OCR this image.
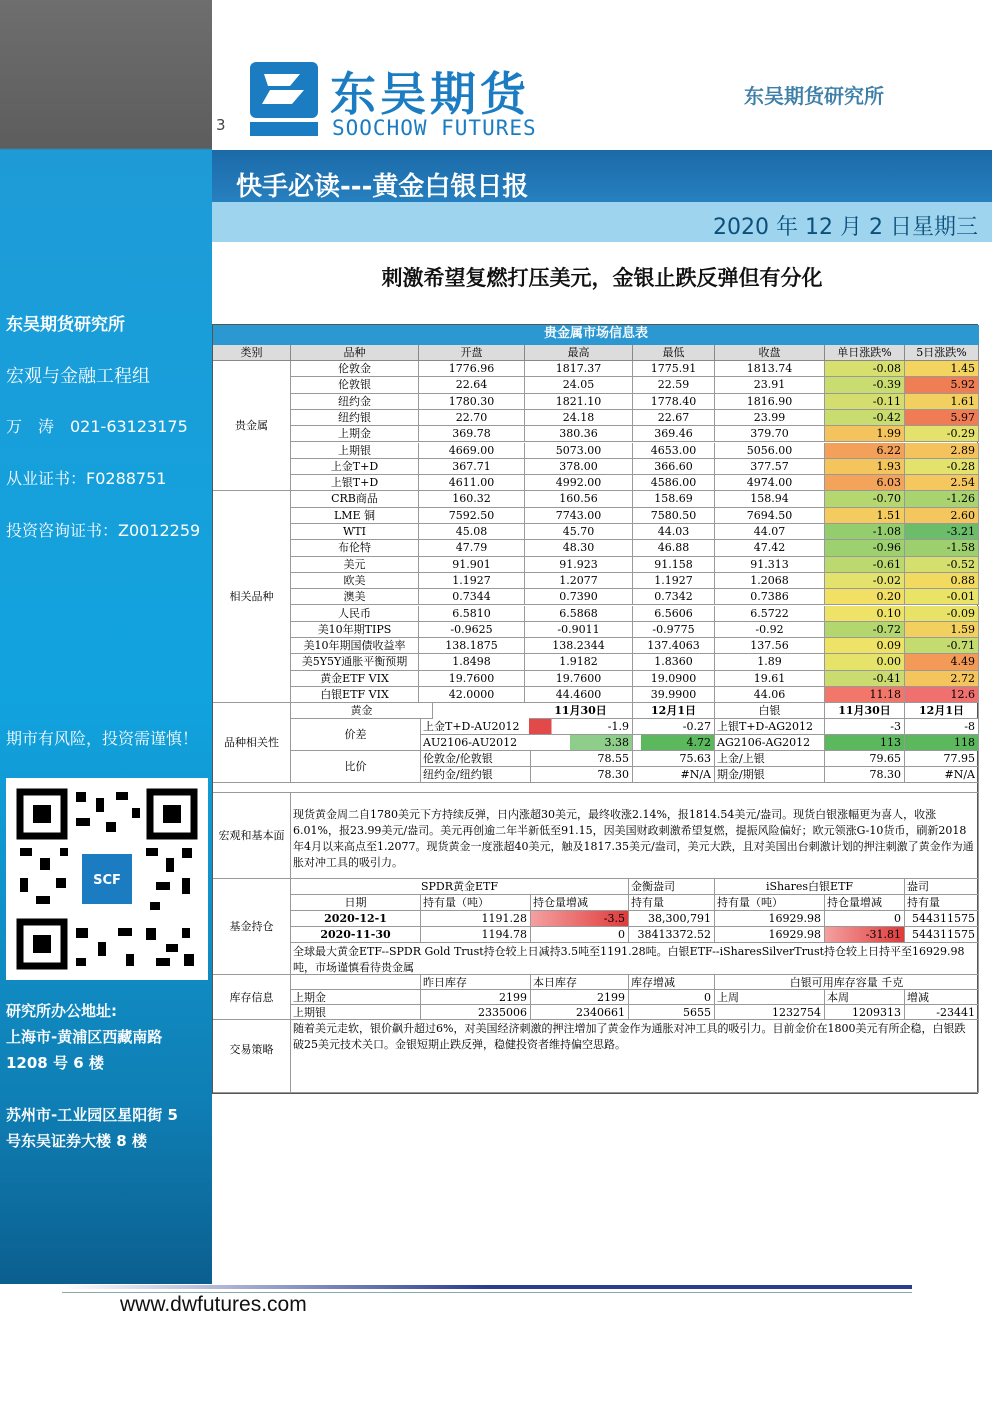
东吴期货研究所
宏观与金融工程组
万　涛　021-63123175
从业证书：F0288751
投资咨询证书：Z0012259
期市有风险，投资需谨慎！
SCF
研究所办公地址:
上海市-黄浦区西藏南路
1208 号 6 楼
苏州市-工业园区星阳街 5
号东吴证券大楼 8 楼
3
东吴期货
SOOCHOW FUTURES
东吴期货研究所
快手必读---黄金白银日报
2020 年 12 月 2 日星期三
刺激希望复燃打压美元，金银止跌反弹但有分化
贵金属市场信息表
类别	品种	开盘	最高	最低	收盘	单日涨跌%	5日涨跌%
伦敦金	1776.96	1817.37	1775.91	1813.74	-0.08	1.45
伦敦银	22.64	24.05	22.59	23.91	-0.39	5.92
纽约金	1780.30	1821.10	1778.40	1816.90	-0.11	1.61
纽约银	22.70	24.18	22.67	23.99	-0.42	5.97
上期金	369.78	380.36	369.46	379.70	1.99	-0.29
上期银	4669.00	5073.00	4653.00	5056.00	6.22	2.89
上金T+D	367.71	378.00	366.60	377.57	1.93	-0.28
上银T+D	4611.00	4992.00	4586.00	4974.00	6.03	2.54
贵金属
CRB商品	160.32	160.56	158.69	158.94	-0.70	-1.26
LME 铜	7592.50	7743.00	7580.50	7694.50	1.51	2.60
WTI	45.08	45.70	44.03	44.07	-1.08	-3.21
布伦特	47.79	48.30	46.88	47.42	-0.96	-1.58
美元	91.901	91.923	91.158	91.313	-0.61	-0.52
欧美	1.1927	1.2077	1.1927	1.2068	-0.02	0.88
澳美	0.7344	0.7390	0.7342	0.7386	0.20	-0.01
人民币	6.5810	6.5868	6.5606	6.5722	0.10	-0.09
美10年期TIPS	-0.9625	-0.9011	-0.9775	-0.92	-0.72	1.59
美10年期国债收益率	138.1875	138.2344	137.4063	137.56	0.09	-0.71
美5Y5Y通胀平衡预期	1.8498	1.9182	1.8360	1.89	0.00	4.49
黄金ETF VIX	19.7600	19.7600	19.0900	19.61	-0.41	2.72
白银ETF VIX	42.0000	44.4600	39.9900	44.06	11.18	12.6
相关品种
黄金	11月30日	12月1日	白银	11月30日	12月1日
上金T+D-AU2012	-1.9	-0.27 上银T+D-AG2012	-3	-8
AU2106-AU2012	3.38	4.72 AG2106-AG2012	113	118
价差
伦敦金/伦敦银	78.55	75.63 上金/上银	79.65	77.95
纽约金/纽约银	78.30	#N/A 期金/期银	78.30	#N/A
比价
品种相关性
宏观和基本面
现货黄金周二自1780美元下方持续反弹，日内涨超30美元，最终收涨2.14%，报1814.54美元/盎司。现货白银涨幅更为喜人，收涨6.01%，报23.99美元/盎司。美元再创逾二年半新低至91.15，因美国财政刺激希望复燃，提振风险偏好；欧元领涨G-10货币，刷新2018年4月以来高点至1.2077。现货黄金一度涨超40美元，触及1817.35美元/盎司，美元大跌，且对美国出台刺激计划的押注刺激了黄金作为通胀对冲工具的吸引力。
SPDR黄金ETF	金衡盎司	iShares白银ETF	盎司
日期	持有量（吨）	持仓量增减	持有量	持有量（吨）	持仓量增减	持有量
2020-12-1	1191.28	-3.5	38,300,791	16929.98	0	544311575
2020-11-30	1194.78	0	38413372.52	16929.98	-31.81	544311575
全球最大黄金ETF--SPDR Gold Trust持仓较上日减持3.5吨至1191.28吨。白银ETF--iSharesSilverTrust持仓较上日持平至16929.98吨，市场谨慎看待贵金属
基金持仓
昨日库存	本日库存	库存增减	白银可用库存容量 千克
上期金	2199	2199	0 上周	本周	增减
上期银	2335006	2340661	5655	1232754	1209313	-23441
库存信息
交易策略
随着美元走软，银价飙升超过6%，对美国经济刺激的押注增加了黄金作为通胀对冲工具的吸引力。目前金价在1800美元有所企稳，白银跌破25美元技术关口。金银短期止跌反弹，稳健投资者维持偏空思路。
www.dwfutures.com
